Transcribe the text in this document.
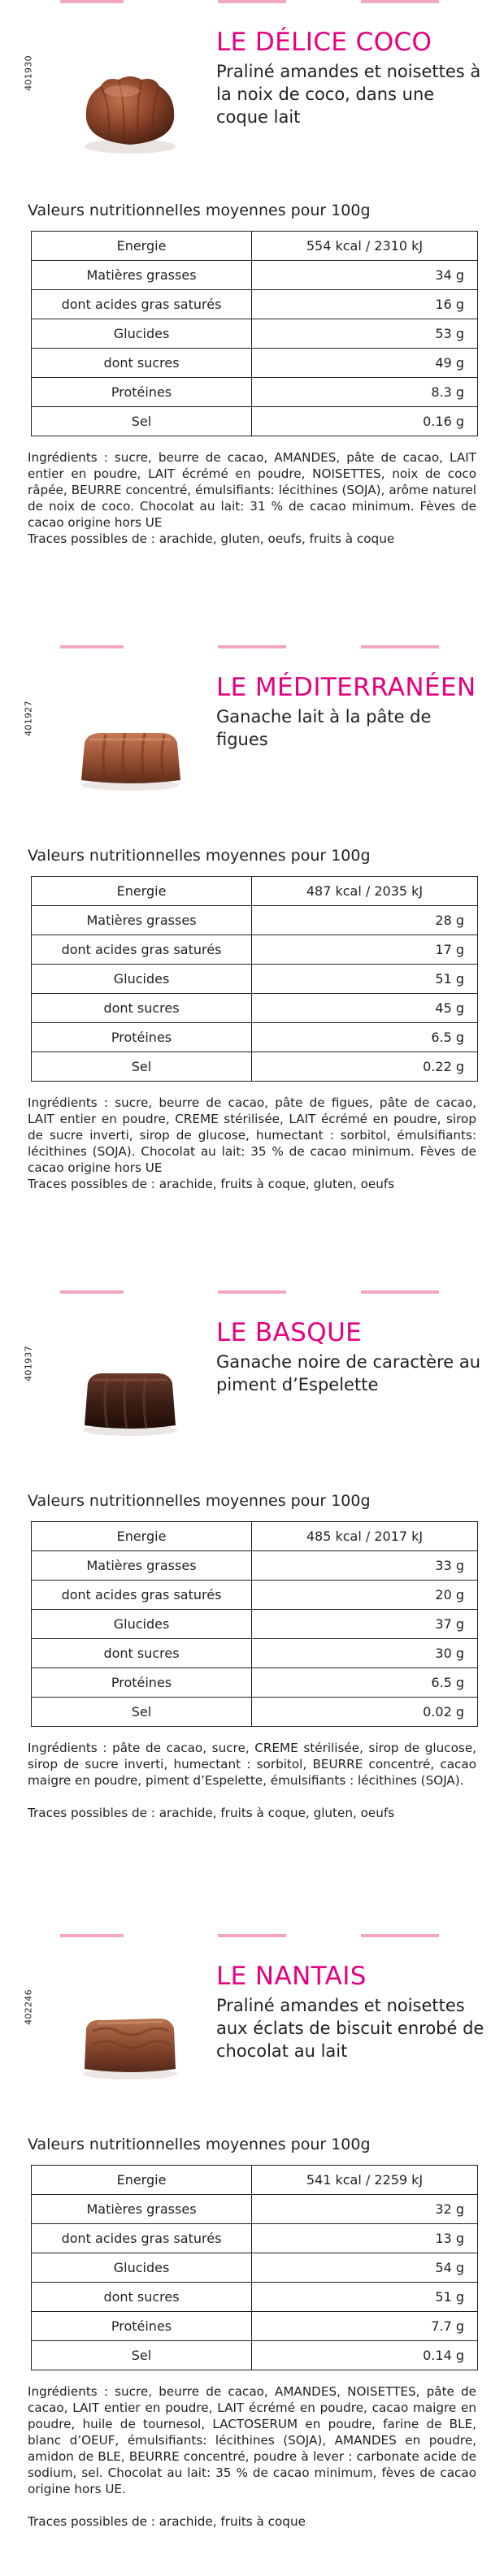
401930
LE DÉLICE COCO
Praliné amandes et noisettes à la noix de coco, dans une coque lait
Valeurs nutritionnelles moyennes pour 100g
Energie	554 kcal / 2310 kJ
Matières grasses	34 g
dont acides gras saturés	16 g
Glucides	53 g
dont sucres	49 g
Protéines	8.3 g
Sel	0.16 g
Ingrédients : sucre, beurre de cacao, AMANDES, pâte de cacao, LAIT entier en poudre, LAIT écrémé en poudre, NOISETTES, noix de coco râpée, BEURRE concentré, émulsifiants: lécithines (SOJA), arôme naturel de noix de coco. Chocolat au lait: 31 % de cacao minimum. Fèves de cacao origine hors UE
Traces possibles de : arachide, gluten, oeufs, fruits à coque
401927
LE MÉDITERRANÉEN
Ganache lait à la pâte de figues
Valeurs nutritionnelles moyennes pour 100g
Energie	487 kcal / 2035 kJ
Matières grasses	28 g
dont acides gras saturés	17 g
Glucides	51 g
dont sucres	45 g
Protéines	6.5 g
Sel	0.22 g
Ingrédients : sucre, beurre de cacao, pâte de figues, pâte de cacao, LAIT entier en poudre, CREME stérilisée, LAIT écrémé en poudre, sirop de sucre inverti, sirop de glucose, humectant : sorbitol, émulsifiants: lécithines (SOJA). Chocolat au lait: 35 % de cacao minimum. Fèves de cacao origine hors UE
Traces possibles de : arachide, fruits à coque, gluten, oeufs
401937
LE BASQUE
Ganache noire de caractère au piment d’Espelette
Valeurs nutritionnelles moyennes pour 100g
Energie	485 kcal / 2017 kJ
Matières grasses	33 g
dont acides gras saturés	20 g
Glucides	37 g
dont sucres	30 g
Protéines	6.5 g
Sel	0.02 g
Ingrédients : pâte de cacao, sucre, CREME stérilisée, sirop de glucose, sirop de sucre inverti, humectant : sorbitol, BEURRE concentré, cacao maigre en poudre, piment d’Espelette, émulsifiants : lécithines (SOJA).
Traces possibles de : arachide, fruits à coque, gluten, oeufs
402246
LE NANTAIS
Praliné amandes et noisettes aux éclats de biscuit enrobé de chocolat au lait
Valeurs nutritionnelles moyennes pour 100g
Energie	541 kcal / 2259 kJ
Matières grasses	32 g
dont acides gras saturés	13 g
Glucides	54 g
dont sucres	51 g
Protéines	7.7 g
Sel	0.14 g
Ingrédients : sucre, beurre de cacao, AMANDES, NOISETTES, pâte de cacao, LAIT entier en poudre, LAIT écrémé en poudre, cacao maigre en poudre, huile de tournesol, LACTOSERUM en poudre, farine de BLE, blanc d’OEUF, émulsifiants: lécithines (SOJA), AMANDES en poudre, amidon de BLE, BEURRE concentré, poudre à lever : carbonate acide de sodium, sel. Chocolat au lait: 35 % de cacao minimum, fèves de cacao origine hors UE.
Traces possibles de : arachide, fruits à coque
